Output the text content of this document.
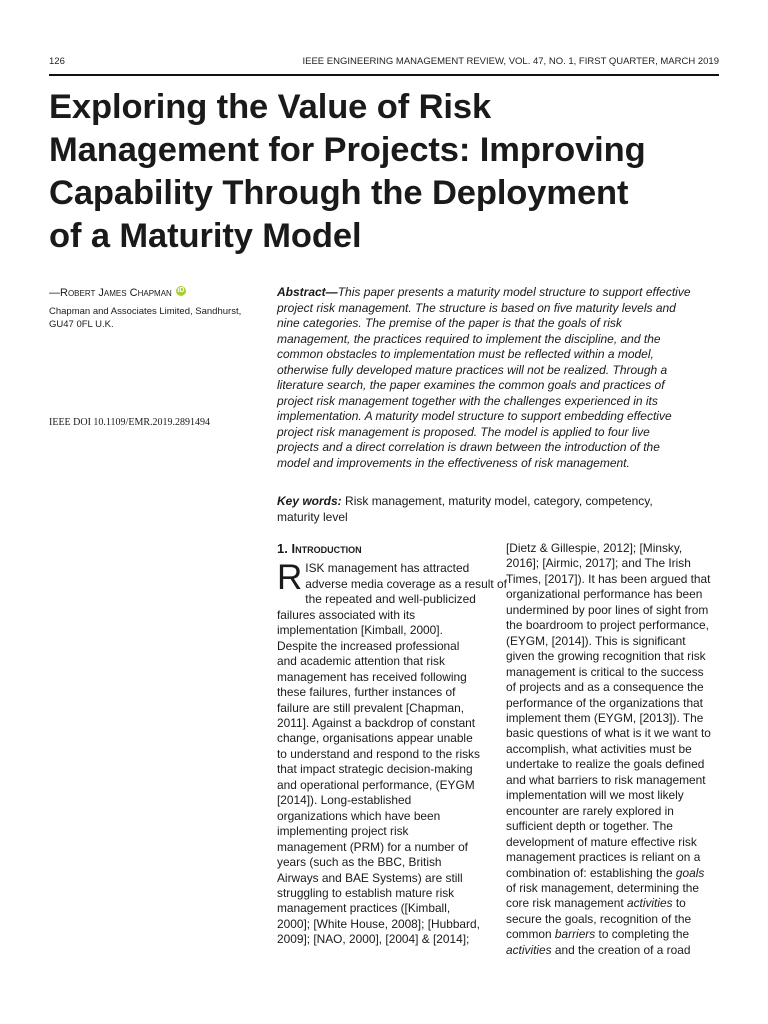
126	IEEE ENGINEERING MANAGEMENT REVIEW, VOL. 47, NO. 1, FIRST QUARTER, MARCH 2019
Exploring the Value of Risk
Management for Projects: Improving
Capability Through the Deployment
of a Maturity Model
—Robert James Chapman iD
Chapman and Associates Limited, Sandhurst,
GU47 0FL U.K.
IEEE DOI 10.1109/EMR.2019.2891494
Abstract—This paper presents a maturity model structure to support effective
project risk management. The structure is based on five maturity levels and
nine categories. The premise of the paper is that the goals of risk
management, the practices required to implement the discipline, and the
common obstacles to implementation must be reflected within a model,
otherwise fully developed mature practices will not be realized. Through a
literature search, the paper examines the common goals and practices of
project risk management together with the challenges experienced in its
implementation. A maturity model structure to support embedding effective
project risk management is proposed. The model is applied to four live
projects and a direct correlation is drawn between the introduction of the
model and improvements in the effectiveness of risk management.
Key words: Risk management, maturity model, category, competency,
maturity level
1. Introduction
R ISK management has attracted
adverse media coverage as a result of
the repeated and well-publicized
failures associated with its
implementation [Kimball, 2000].
Despite the increased professional
and academic attention that risk
management has received following
these failures, further instances of
failure are still prevalent [Chapman,
2011]. Against a backdrop of constant
change, organisations appear unable
to understand and respond to the risks
that impact strategic decision-making
and operational performance, (EYGM
[2014]). Long-established
organizations which have been
implementing project risk
management (PRM) for a number of
years (such as the BBC, British
Airways and BAE Systems) are still
struggling to establish mature risk
management practices ([Kimball,
2000]; [White House, 2008]; [Hubbard,
2009]; [NAO, 2000], [2004] & [2014];
[Dietz & Gillespie, 2012]; [Minsky,
2016]; [Airmic, 2017]; and The Irish
Times, [2017]). It has been argued that
organizational performance has been
undermined by poor lines of sight from
the boardroom to project performance,
(EYGM, [2014]). This is significant
given the growing recognition that risk
management is critical to the success
of projects and as a consequence the
performance of the organizations that
implement them (EYGM, [2013]). The
basic questions of what is it we want to
accomplish, what activities must be
undertake to realize the goals defined
and what barriers to risk management
implementation will we most likely
encounter are rarely explored in
sufficient depth or together. The
development of mature effective risk
management practices is reliant on a
combination of: establishing the goals
of risk management, determining the
core risk management activities to
secure the goals, recognition of the
common barriers to completing the
activities and the creation of a road
